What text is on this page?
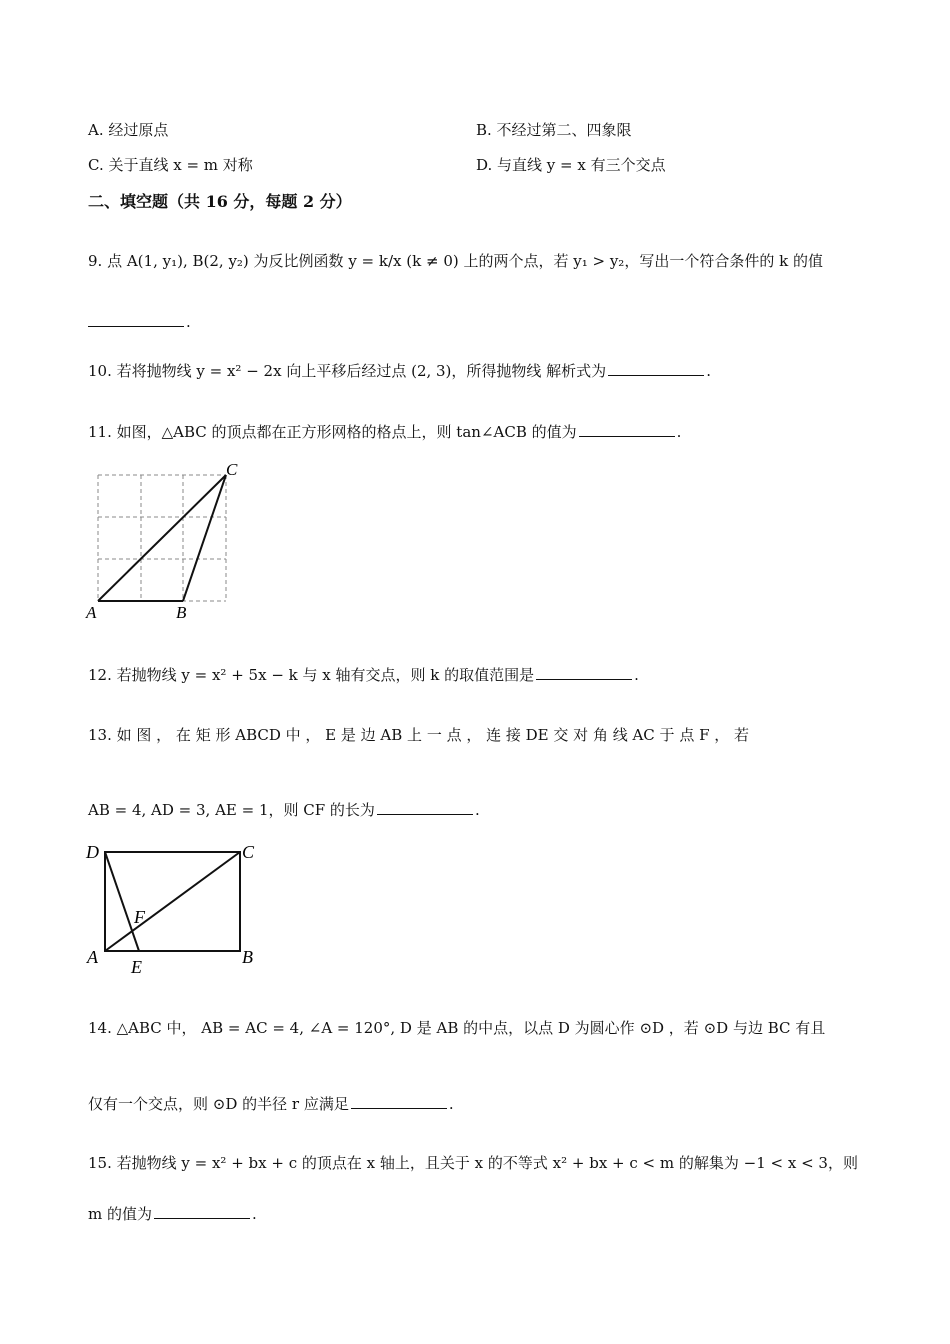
A. 经过原点	B. 不经过第二、四象限
C. 关于直线 x = m 对称	D. 与直线 y = x 有三个交点
二、填空题（共 16 分，每题 2 分）
9. 点 A(1, y₁), B(2, y₂) 为反比例函数 y = k/x (k ≠ 0) 上的两个点，若 y₁ > y₂，写出一个符合条件的 k 的值
.
10. 若将抛物线 y = x² − 2x 向上平移后经过点 (2, 3)，所得抛物线 解析式为	.
11. 如图，△ABC 的顶点都在正方形网格的格点上，则 tan∠ACB 的值为	.
A	B
C
12. 若抛物线 y = x² + 5x − k 与 x 轴有交点，则 k 的取值范围是	.
13. 如 图 ， 在 矩 形 ABCD 中 ， E 是 边 AB 上 一 点 ， 连 接 DE 交 对 角 线 AC 于 点 F ， 若
AB = 4, AD = 3, AE = 1，则 CF 的长为	.
D	C
A	B
E
F
14. △ABC 中， AB = AC = 4, ∠A = 120°, D 是 AB 的中点，以点 D 为圆心作 ⊙D ，若 ⊙D 与边 BC 有且
仅有一个交点，则 ⊙D 的半径 r 应满足	.
15. 若抛物线 y = x² + bx + c 的顶点在 x 轴上，且关于 x 的不等式 x² + bx + c < m 的解集为 −1 < x < 3，则
m 的值为	.
